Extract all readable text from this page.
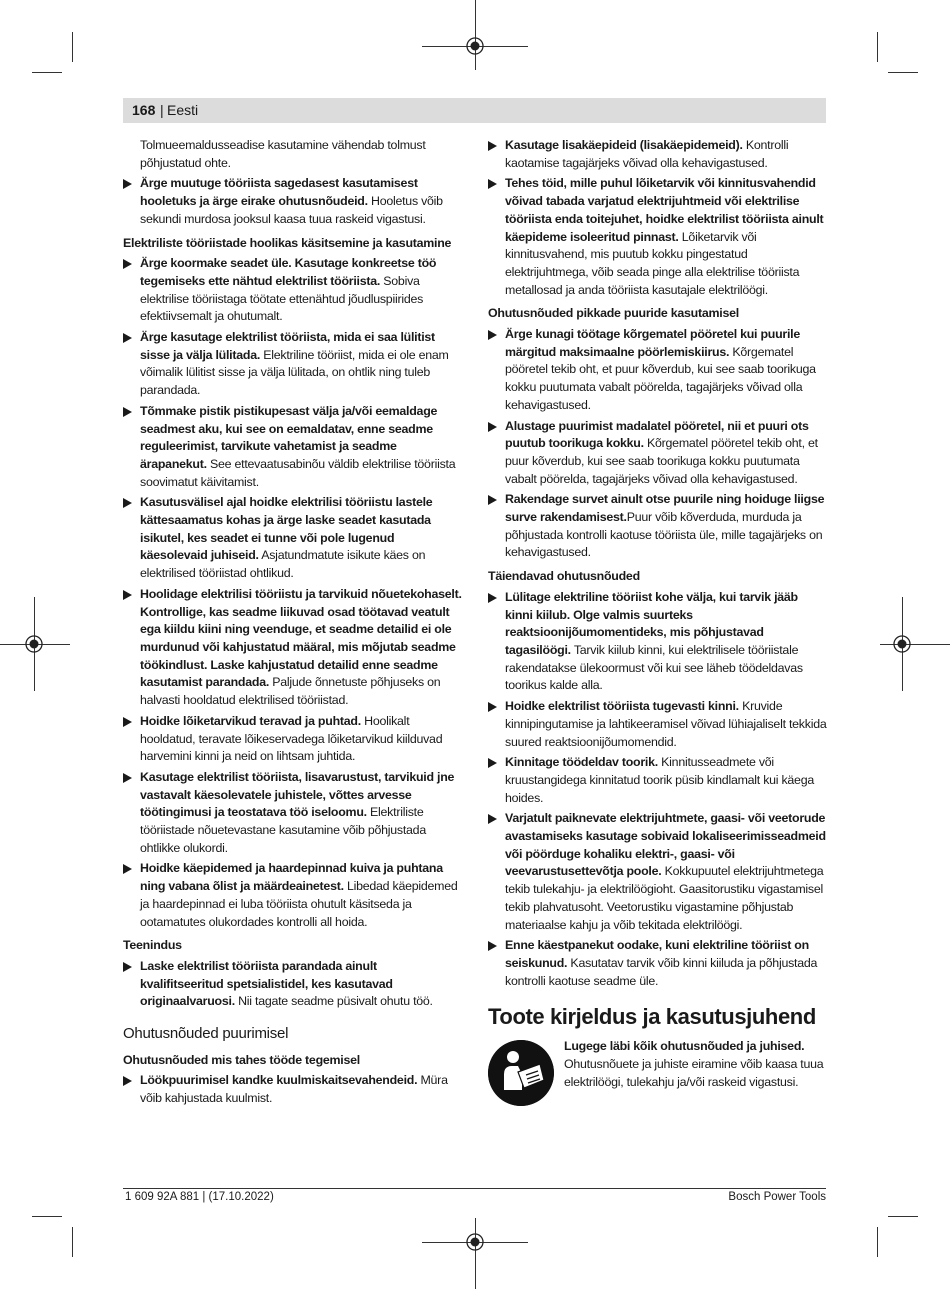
168 | Eesti

Tolmueemaldusseadise kasutamine vähendab tolmust põhjustatud ohte.

Ärge muutuge tööriista sagedasest kasutamisest hooletuks ja ärge eirake ohutusnõudeid. Hooletus võib sekundi murdosa jooksul kaasa tuua raskeid vigastusi.
Elektriliste tööriistade hoolikas käsitsemine ja kasutamine
Ärge koormake seadet üle. Kasutage konkreetse töö tegemiseks ette nähtud elektrilist tööriista. Sobiva elektrilise tööriistaga töötate ettenähtud jõudluspiirides efektiivsemalt ja ohutumalt.
Ärge kasutage elektrilist tööriista, mida ei saa lülitist sisse ja välja lülitada. Elektriline tööriist, mida ei ole enam võimalik lülitist sisse ja välja lülitada, on ohtlik ning tuleb parandada.
Tõmmake pistik pistikupesast välja ja/või eemaldage seadmest aku, kui see on eemaldatav, enne seadme reguleerimist, tarvikute vahetamist ja seadme ärapanekut. See ettevaatusabinõu väldib elektrilise tööriista soovimatut käivitamist.
Kasutusvälisel ajal hoidke elektrilisi tööriistu lastele kättesaamatus kohas ja ärge laske seadet kasutada isikutel, kes seadet ei tunne või pole lugenud käesolevaid juhiseid. Asjatundmatute isikute käes on elektrilised tööriistad ohtlikud.
Hoolidage elektrilisi tööriistu ja tarvikuid nõuetekohaselt. Kontrollige, kas seadme liikuvad osad töötavad veatult ega kiildu kiini ning veenduge, et seadme detailid ei ole murdunud või kahjustatud määral, mis mõjutab seadme töökindlust. Laske kahjustatud detailid enne seadme kasutamist parandada. Paljude õnnetuste põhjuseks on halvasti hooldatud elektrilised tööriistad.
Hoidke lõiketarvikud teravad ja puhtad. Hoolikalt hooldatud, teravate lõikeservadega lõiketarvikud kiilduvad harvemini kinni ja neid on lihtsam juhtida.
Kasutage elektrilist tööriista, lisavarustust, tarvikuid jne vastavalt käesolevatele juhistele, võttes arvesse töötingimusi ja teostatava töö iseloomu. Elektriliste tööriistade nõuetevastane kasutamine võib põhjustada ohtlikke olukordi.
Hoidke käepidemed ja haardepinnad kuiva ja puhtana ning vabana õlist ja määrdeainetest. Libedad käepidemed ja haardepinnad ei luba tööriista ohutult käsitseda ja ootamatutes olukordades kontrolli all hoida.
Teenindus
Laske elektrilist tööriista parandada ainult kvalifitseeritud spetsialistidel, kes kasutavad originaalvaruosi. Nii tagate seadme püsivalt ohutu töö.
Ohutusnõuded puurimisel
Ohutusnõuded mis tahes tööde tegemisel
Löökpuurimisel kandke kuulmiskaitsevahendeid. Müra võib kahjustada kuulmist.
Kasutage lisakäepideid (lisakäepidemeid). Kontrolli kaotamise tagajärjeks võivad olla kehavigastused.
Tehes töid, mille puhul lõiketarvik või kinnitusvahendid võivad tabada varjatud elektrijuhtmeid või elektrilise tööriista enda toitejuhet, hoidke elektrilist tööriista ainult käepideme isoleeritud pinnast. Lõiketarvik või kinnitusvahend, mis puutub kokku pingestatud elektrijuhtmega, võib seada pinge alla elektrilise tööriista metallosad ja anda tööriista kasutajale elektrilöögi.
Ohutusnõuded pikkade puuride kasutamisel
Ärge kunagi töötage kõrgematel pööretel kui puurile märgitud maksimaalne pöörlemiskiirus. Kõrgematel pööretel tekib oht, et puur kõverdub, kui see saab toorikuga kokku puutumata vabalt pöörelda, tagajärjeks võivad olla kehavigastused.
Alustage puurimist madalatel pööretel, nii et puuri ots puutub toorikuga kokku. Kõrgematel pööretel tekib oht, et puur kõverdub, kui see saab toorikuga kokku puutumata vabalt pöörelda, tagajärjeks võivad olla kehavigastused.
Rakendage survet ainult otse puurile ning hoiduge liigse surve rakendamisest.Puur võib kõverduda, murduda ja põhjustada kontrolli kaotuse tööriista üle, mille tagajärjeks on kehavigastused.
Täiendavad ohutusnõuded
Lülitage elektriline tööriist kohe välja, kui tarvik jääb kinni kiilub. Olge valmis suurteks reaktsioonijõumomentideks, mis põhjustavad tagasilöögi. Tarvik kiilub kinni, kui elektrilisele tööriistale rakendatakse ülekoormust või kui see läheb töödeldavas toorikus kalde alla.
Hoidke elektrilist tööriista tugevasti kinni. Kruvide kinnipingutamise ja lahtikeeramisel võivad lühiajaliselt tekkida suured reaktsioonijõumomendid.
Kinnitage töödeldav toorik. Kinnitusseadmete või kruustangidega kinnitatud toorik püsib kindlamalt kui käega hoides.
Varjatult paiknevate elektrijuhtmete, gaasi- või veetorude avastamiseks kasutage sobivaid lokaliseerimisseadmeid või pöörduge kohaliku elektri-, gaasi- või veevarustusettevõtja poole. Kokkupuutel elektrijuhtmetega tekib tulekahju- ja elektrilöögioht. Gaasitorustiku vigastamisel tekib plahvatusoht. Veetorustiku vigastamine põhjustab materiaalse kahju ja võib tekitada elektrilöögi.
Enne käestpanekut oodake, kuni elektriline tööriist on seiskunud. Kasutatav tarvik võib kinni kiiluda ja põhjustada kontrolli kaotuse seadme üle.
Toote kirjeldus ja kasutusjuhend
Lugege läbi kõik ohutusnõuded ja juhised. Ohutusnõuete ja juhiste eiramine võib kaasa tuua elektrilöögi, tulekahju ja/või raskeid vigastusi.
1 609 92A 881 | (17.10.2022)	Bosch Power Tools
